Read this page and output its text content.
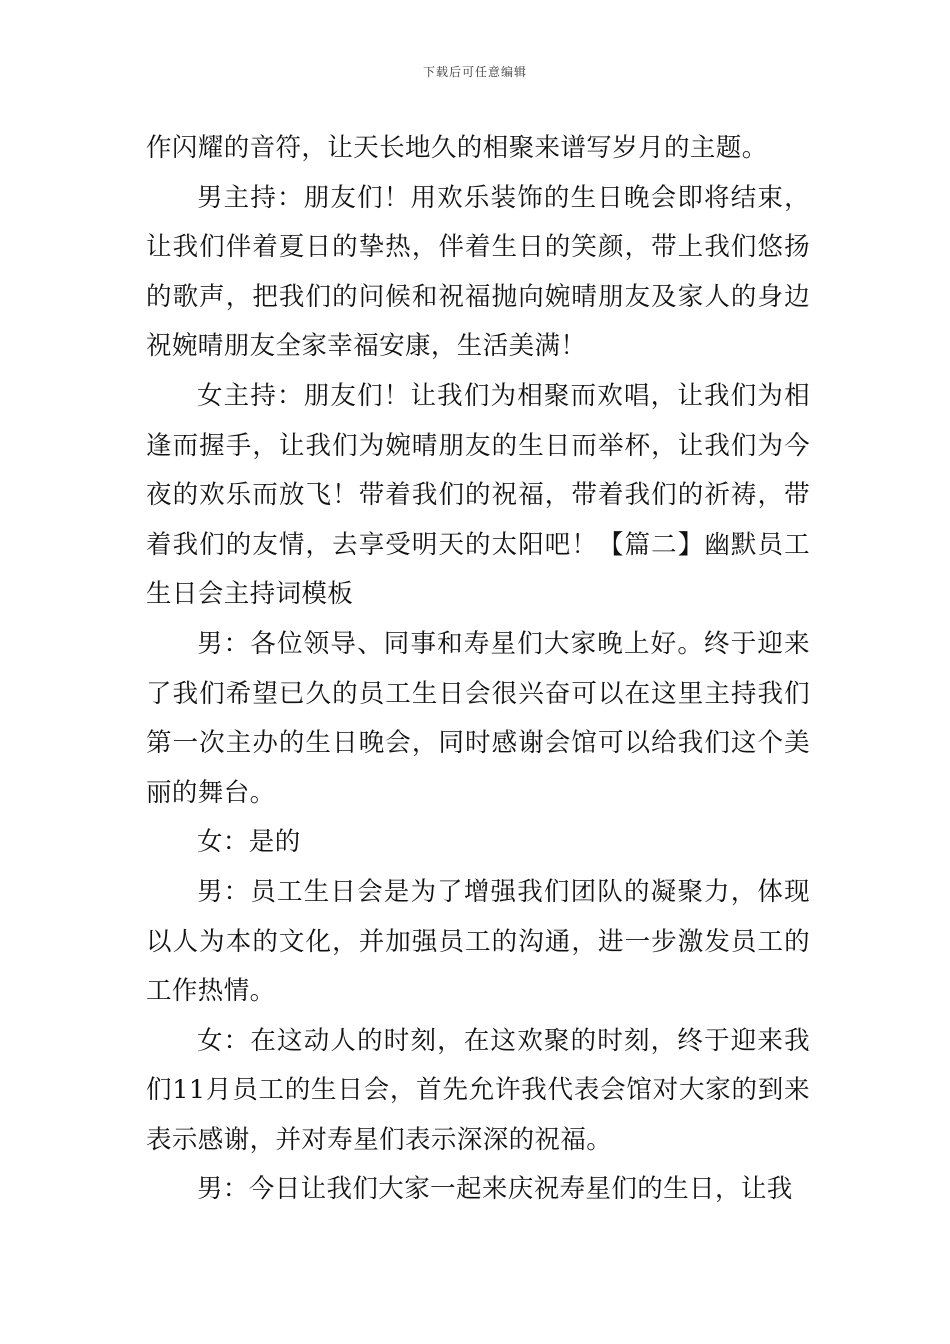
下载后可任意编辑

作闪耀的音符，让天长地久的相聚来谱写岁月的主题。

男主持：朋友们！用欢乐装饰的生日晚会即将结束，让我们伴着夏日的挚热，伴着生日的笑颜，带上我们悠扬的歌声，把我们的问候和祝福抛向婉晴朋友及家人的身边祝婉晴朋友全家幸福安康，生活美满！

女主持：朋友们！让我们为相聚而欢唱，让我们为相逢而握手，让我们为婉晴朋友的生日而举杯，让我们为今夜的欢乐而放飞！带着我们的祝福，带着我们的祈祷，带着我们的友情，去享受明天的太阳吧！【篇二】幽默员工生日会主持词模板

男：各位领导、同事和寿星们大家晚上好。终于迎来了我们希望已久的员工生日会很兴奋可以在这里主持我们第一次主办的生日晚会，同时感谢会馆可以给我们这个美丽的舞台。

女：是的

男：员工生日会是为了增强我们团队的凝聚力，体现以人为本的文化，并加强员工的沟通，进一步激发员工的工作热情。

女：在这动人的时刻，在这欢聚的时刻，终于迎来我们11月员工的生日会，首先允许我代表会馆对大家的到来表示感谢，并对寿星们表示深深的祝福。

男：今日让我们大家一起来庆祝寿星们的生日，让我
